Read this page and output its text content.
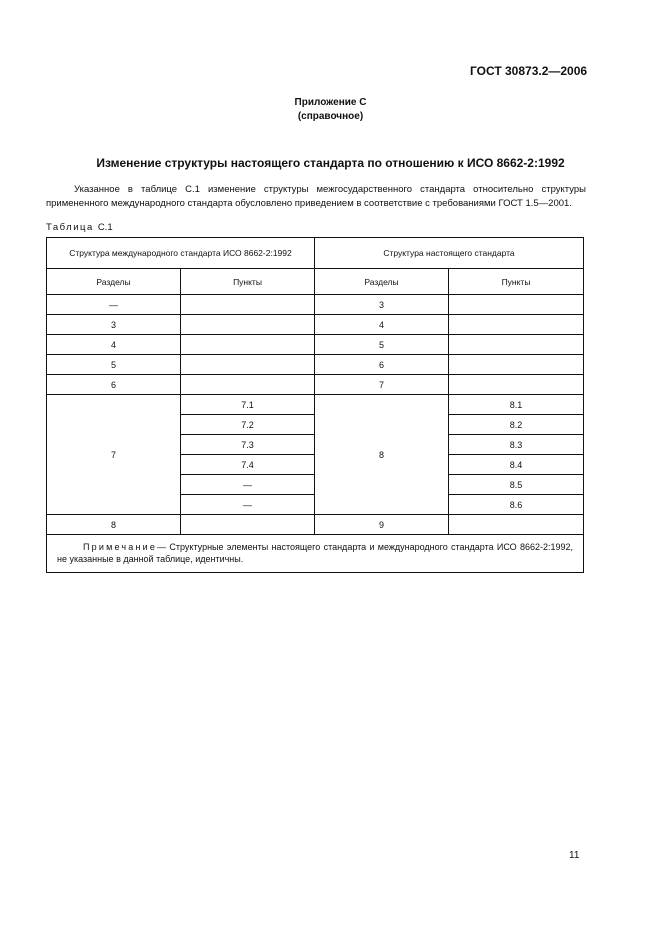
ГОСТ 30873.2—2006
Приложение С
(справочное)
Изменение структуры настоящего стандарта по отношению к ИСО 8662-2:1992
Указанное в таблице С.1 изменение структуры межгосударственного стандарта относительно структуры примененного международного стандарта обусловлено приведением в соответствие с требованиями ГОСТ 1.5—2001.
Таблица С.1
Структура международного стандарта ИСО 8662-2:1992		Структура настоящего стандарта	
Разделы	Пункты	Разделы	Пункты
—		3	
3		4	
4		5	
5		6	
6		7	
7	7.1	8	8.1
	7.2		8.2
	7.3		8.3
	7.4		8.4
	—		8.5
	—		8.6
8		9	
Примечание— Структурные элементы настоящего стандарта и международного стандарта ИСО 8662-2:1992, не указанные в данной таблице, идентичны.			
11
